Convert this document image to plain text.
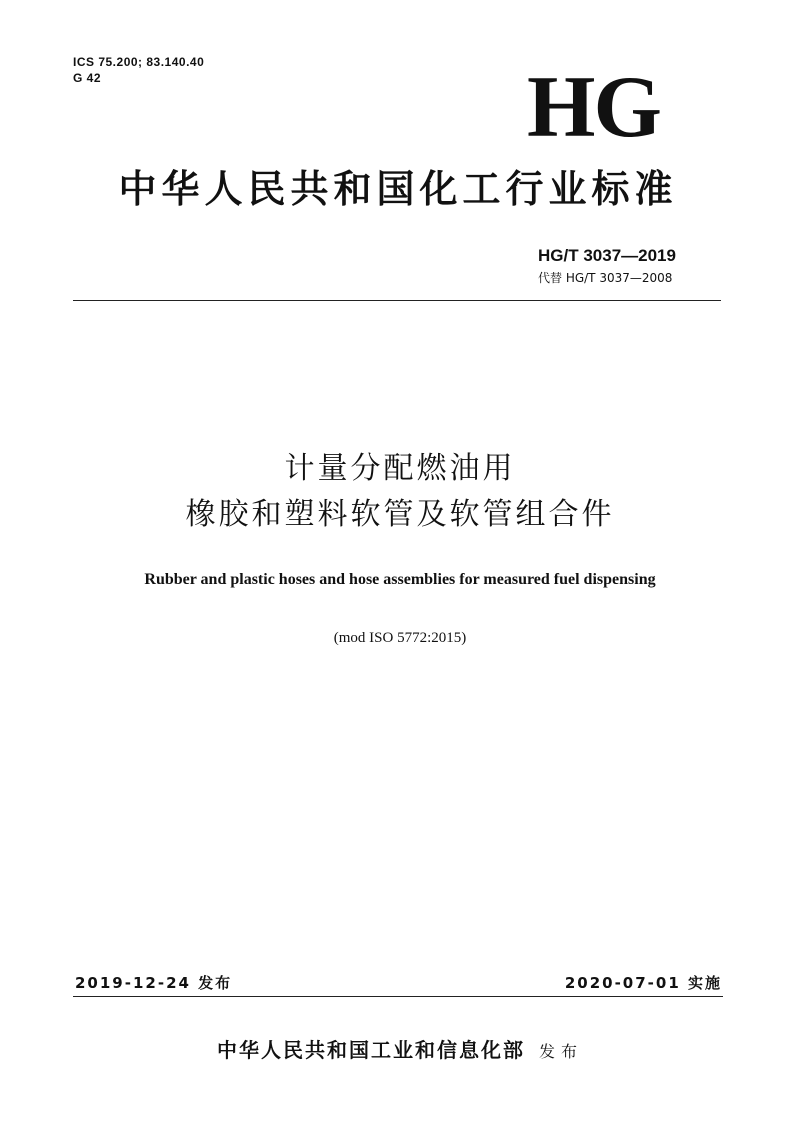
ICS 75.200; 83.140.40
G 42	HG
中华人民共和国化工行业标准
HG/T 3037—2019
代替 HG/T 3037—2008
计量分配燃油用
橡胶和塑料软管及软管组合件
Rubber and plastic hoses and hose assemblies for measured fuel dispensing
(mod ISO 5772:2015)
2019-12-24 发布	2020-07-01 实施
中华人民共和国工业和信息化部 发布
